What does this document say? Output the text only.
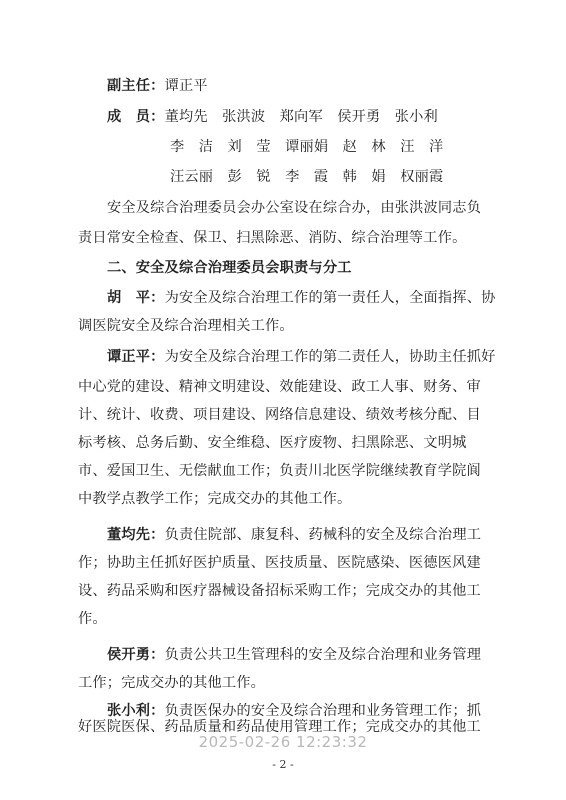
副主任：谭正平
成　员：董均先　张洪波　郑向军　侯开勇　张小利
李　洁　刘　莹　谭丽娟　赵　林　汪　洋
汪云丽　彭　锐　李　霞　韩　娟　权丽霞
安全及综合治理委员会办公室设在综合办，由张洪波同志负
责日常安全检查、保卫、扫黑除恶、消防、综合治理等工作。
二、安全及综合治理委员会职责与分工
胡　平：为安全及综合治理工作的第一责任人，全面指挥、协
调医院安全及综合治理相关工作。
谭正平：为安全及综合治理工作的第二责任人，协助主任抓好
中心党的建设、精神文明建设、效能建设、政工人事、财务、审
计、统计、收费、项目建设、网络信息建设、绩效考核分配、目
标考核、总务后勤、安全维稳、医疗废物、扫黑除恶、文明城
市、爱国卫生、无偿献血工作；负责川北医学院继续教育学院阆
中教学点教学工作；完成交办的其他工作。
董均先：负责住院部、康复科、药械科的安全及综合治理工
作；协助主任抓好医护质量、医技质量、医院感染、医德医风建
设、药品采购和医疗器械设备招标采购工作；完成交办的其他工
作。
侯开勇：负责公共卫生管理科的安全及综合治理和业务管理
工作；完成交办的其他工作。
张小利：负责医保办的安全及综合治理和业务管理工作；抓
好医院医保、药品质量和药品使用管理工作；完成交办的其他工
2025-02-26 12:23:32
- 2 -
